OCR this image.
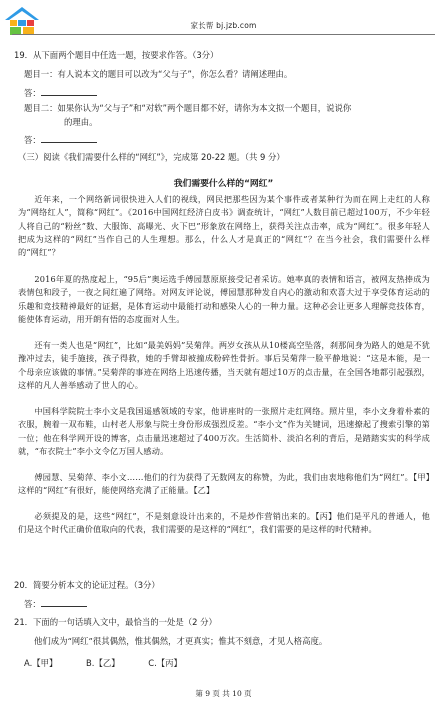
家长帮 bj.jzb.com
19．从下面两个题目中任选一题，按要求作答。（3分）
题目一：有人说本文的题目可以改为“父与子”，你怎么看？请阐述理由。
答：
题目二：如果你认为“父与子”和“对软”两个题目都不好，请你为本文拟一个题目，说说你
的理由。
答：
（三）阅读《我们需要什么样的“网红”》，完成第 20-22 题。（共 9 分）
我们需要什么样的“网红”
近年来，一个网络新词很快进入人们的视线，网民把那些因为某个事件或者某种行为而在网上走红的人称为“网络红人”，简称“网红”。《2016中国网红经济白皮书》调查统计，“网红”人数目前已超过100万，不少年轻人将自己的“粉丝”数、大服饰、高曝光、火下巴”形象放在网络上，获得关注点击率，成为“网红”。很多年轻人把成为这样的“网红”当作自己的人生理想。那么，什么人才是真正的“网红”？在当今社会，我们需要什么样的“网红”？
2016年夏的热度起上，“95后”奥运选手傅园慧原原接受记者采访。她率真的表情和语言，被网友热捧成为表情包和段子，一夜之间红遍了网络。对网友评论说，傅园慧那种发自内心的激动和欢喜大过于享受体育运动的乐趣和竞技精神最好的证据，是体育运动中最能打动和感染人心的一种力量。这种必会让更多人理解竞技体育，能使体育运动，用开朗有悟的态度面对人生。
还有一类人也是“网红”，比如“最美妈妈”吴菊萍。两岁女孩从从10楼高空坠落，刹那间身为路人的她是不犹豫冲过去，徒手施接，孩子得救，她的手臂却被撞成粉碎性骨折。事后吴菊萍一脸平静地说：“这是本能，是一个母亲应该做的事情。”吴菊萍的事迹在网络上迅速传播，当天就有超过10万的点击量，在全国各地都引起强烈，这样的凡人善举感动了世人的心。
中国科学院院士李小文是我国遥感领域的专家，他讲座时的一张照片走红网络。照片里，李小文身着朴素的衣服，腕着一双布鞋，山村老人形象与院士身份形成强烈反差。“李小文”作为关键词，迅速撩起了搜索引擎的第一位；他在科学网开设的博客，点击量迅速超过了400万次。生活简朴、淡泊名利的背后，是踏踏实实的科学成就，“布衣院士”李小文令亿万国人感动。
傅园慧、吴菊萍、李小文……他们的行为获得了无数网友的称赞，为此，我们由衷地称他们为“网红”。【甲】这样的“网红”有很好，能使网络充满了正能量。【乙】
必须提及的是，这些“网红”，不是刻意设计出来的，不是炒作营销出来的。【丙】他们是平凡的普通人，他们是这个时代正确价值取向的代表，我们需要的是这样的“网红”，我们需要的是这样的时代精神。
20．简要分析本文的论证过程。（3分）
答：
21．下面的一句话填入文中，最恰当的一处是（2 分）
他们成为“网红”很其偶然，惟其偶然，才更真实；惟其不刻意，才见人格高度。
A.【甲】	B.【乙】	C.【丙】
第 9 页 共 10 页
